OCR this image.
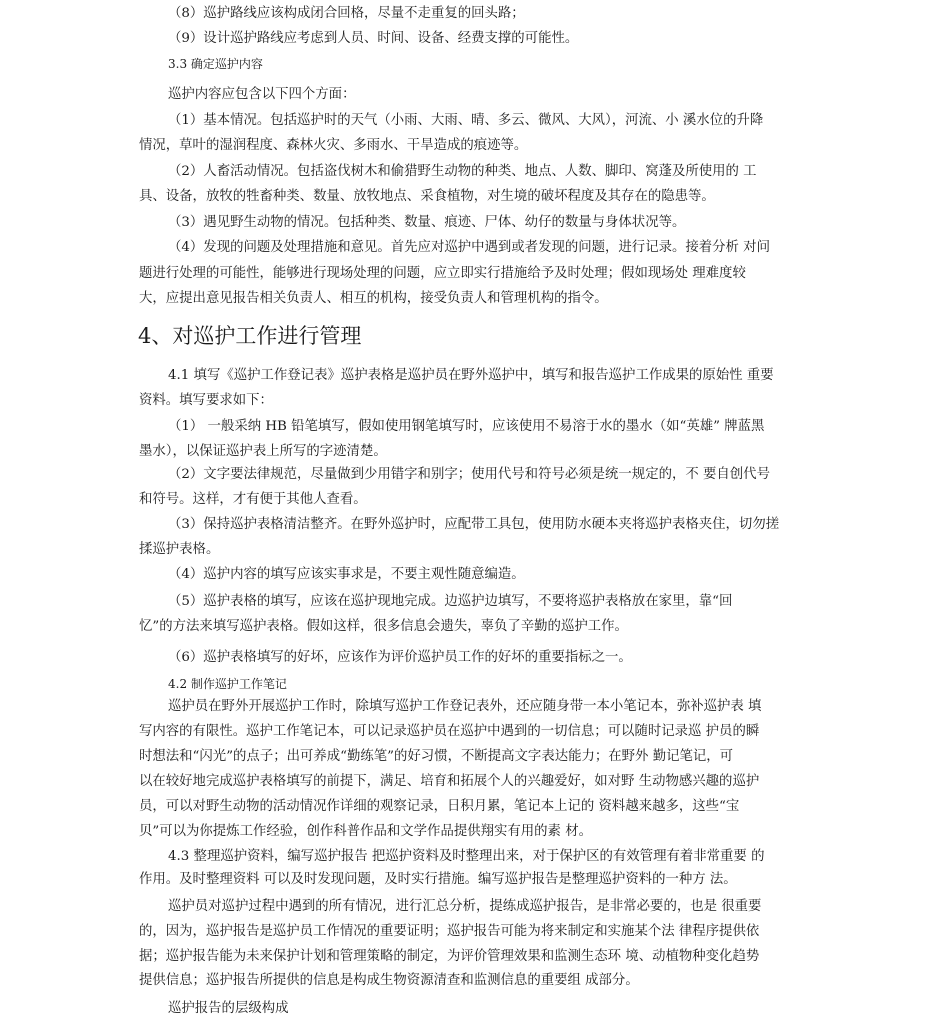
（8）巡护路线应该构成闭合回格，尽量不走重复的回头路；
（9）设计巡护路线应考虑到人员、时间、设备、经费支撑的可能性。
3.3 确定巡护内容
巡护内容应包含以下四个方面：
（1）基本情况。包括巡护时的天气（小雨、大雨、晴、多云、微风、大风），河流、小 溪水位的升降
情况，草叶的湿润程度、森林火灾、多雨水、干旱造成的痕迹等。
（2）人畜活动情况。包括盗伐树木和偷猎野生动物的种类、地点、人数、脚印、窝蓬及所使用的 工
具、设备，放牧的牲畜种类、数量、放牧地点、采食植物，对生境的破坏程度及其存在的隐患等。
（3）遇见野生动物的情况。包括种类、数量、痕迹、尸体、幼仔的数量与身体状况等。
（4）发现的问题及处理措施和意见。首先应对巡护中遇到或者发现的问题，进行记录。接着分析 对问
题进行处理的可能性，能够进行现场处理的问题，应立即实行措施给予及时处理；假如现场处 理难度较
大，应提出意见报告相关负责人、相互的机构，接受负责人和管理机构的指令。
4、对巡护工作进行管理
4.1 填写《巡护工作登记表》巡护表格是巡护员在野外巡护中，填写和报告巡护工作成果的原始性 重要
资料。填写要求如下：
（1） 一般采纳 HB 铅笔填写，假如使用钢笔填写时，应该使用不易溶于水的墨水（如“英雄” 牌蓝黑
墨水），以保证巡护表上所写的字迹清楚。
（2）文字要法律规范，尽量做到少用错字和别字；使用代号和符号必须是统一规定的，不 要自创代号
和符号。这样，才有便于其他人查看。
（3）保持巡护表格清洁整齐。在野外巡护时，应配带工具包，使用防水硬本夹将巡护表格夹住，切勿搓
揉巡护表格。
（4）巡护内容的填写应该实事求是，不要主观性随意编造。
（5）巡护表格的填写，应该在巡护现地完成。边巡护边填写，不要将巡护表格放在家里，靠“回
忆”的方法来填写巡护表格。假如这样，很多信息会遗失，辜负了辛勤的巡护工作。
（6）巡护表格填写的好坏，应该作为评价巡护员工作的好坏的重要指标之一。
4.2 制作巡护工作笔记
巡护员在野外开展巡护工作时，除填写巡护工作登记表外，还应随身带一本小笔记本，弥补巡护表 填
写内容的有限性。巡护工作笔记本，可以记录巡护员在巡护中遇到的一切信息；可以随时记录巡 护员的瞬
时想法和“闪光”的点子；出可养成“勤练笔”的好习惯，不断提高文字表达能力；在野外 勤记笔记，可
以在较好地完成巡护表格填写的前提下，满足、培育和拓展个人的兴趣爱好，如对野 生动物感兴趣的巡护
员，可以对野生动物的活动情况作详细的观察记录，日积月累，笔记本上记的 资料越来越多，这些“宝
贝”可以为你提炼工作经验，创作科普作品和文学作品提供翔实有用的素 材。
4.3 整理巡护资料，编写巡护报告 把巡护资料及时整理出来，对于保护区的有效管理有着非常重要 的
作用。及时整理资料 可以及时发现问题，及时实行措施。编写巡护报告是整理巡护资料的一种方 法。
巡护员对巡护过程中遇到的所有情况，进行汇总分析，提练成巡护报告，是非常必要的，也是 很重要
的，因为，巡护报告是巡护员工作情况的重要证明；巡护报告可能为将来制定和实施某个法 律程序提供依
据；巡护报告能为未来保护计划和管理策略的制定，为评价管理效果和监测生态环 境、动植物种变化趋势
提供信息；巡护报告所提供的信息是构成生物资源清查和监测信息的重要组 成部分。
巡护报告的层级构成
